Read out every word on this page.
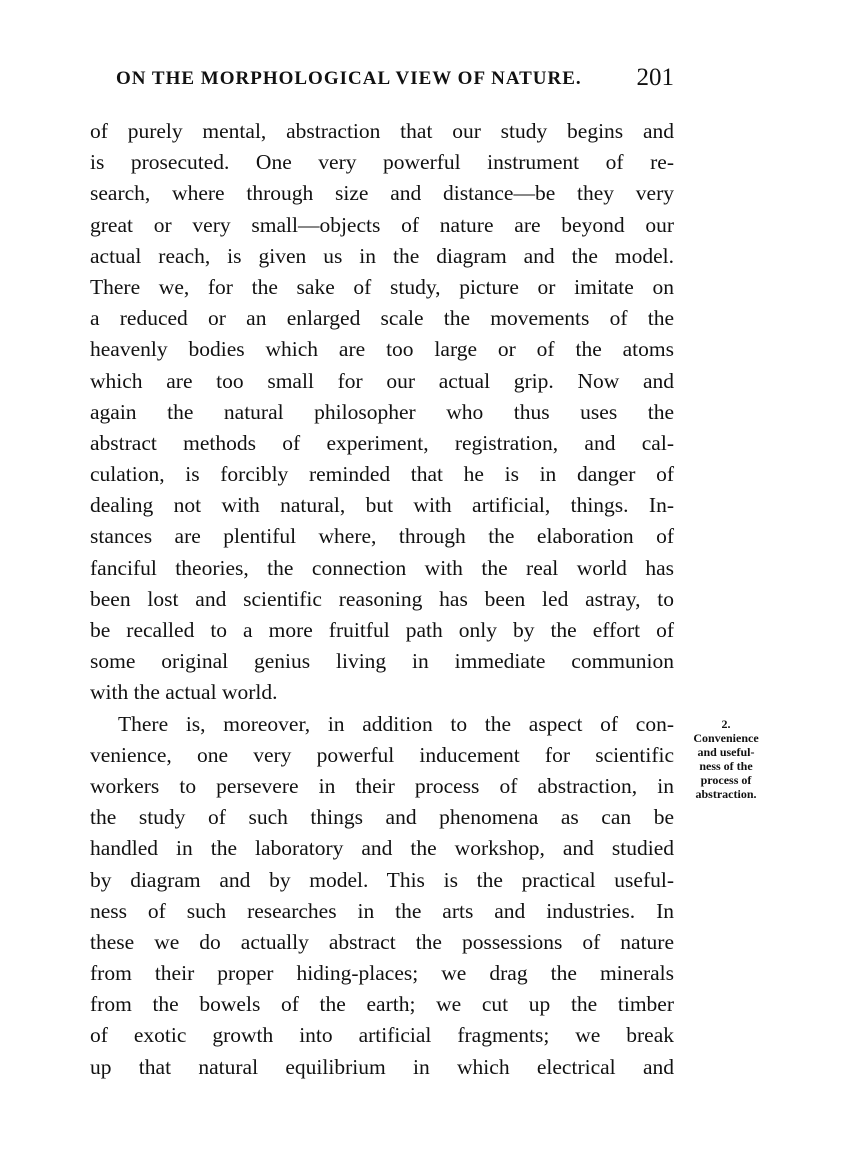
ON THE MORPHOLOGICAL VIEW OF NATURE. 201
of purely mental, abstraction that our study begins and
is prosecuted. One very powerful instrument of re-
search, where through size and distance—be they very
great or very small—objects of nature are beyond our
actual reach, is given us in the diagram and the model.
There we, for the sake of study, picture or imitate on
a reduced or an enlarged scale the movements of the
heavenly bodies which are too large or of the atoms
which are too small for our actual grip. Now and
again the natural philosopher who thus uses the
abstract methods of experiment, registration, and cal-
culation, is forcibly reminded that he is in danger of
dealing not with natural, but with artificial, things. In-
stances are plentiful where, through the elaboration of
fanciful theories, the connection with the real world has
been lost and scientific reasoning has been led astray, to
be recalled to a more fruitful path only by the effort of
some original genius living in immediate communion
with the actual world.
There is, moreover, in addition to the aspect of con-
venience, one very powerful inducement for scientific
workers to persevere in their process of abstraction, in
the study of such things and phenomena as can be
handled in the laboratory and the workshop, and studied
by diagram and by model. This is the practical useful-
ness of such researches in the arts and industries. In
these we do actually abstract the possessions of nature
from their proper hiding-places; we drag the minerals
from the bowels of the earth; we cut up the timber
of exotic growth into artificial fragments; we break
up that natural equilibrium in which electrical and
2.
Convenience
and useful-
ness of the
process of
abstraction.
